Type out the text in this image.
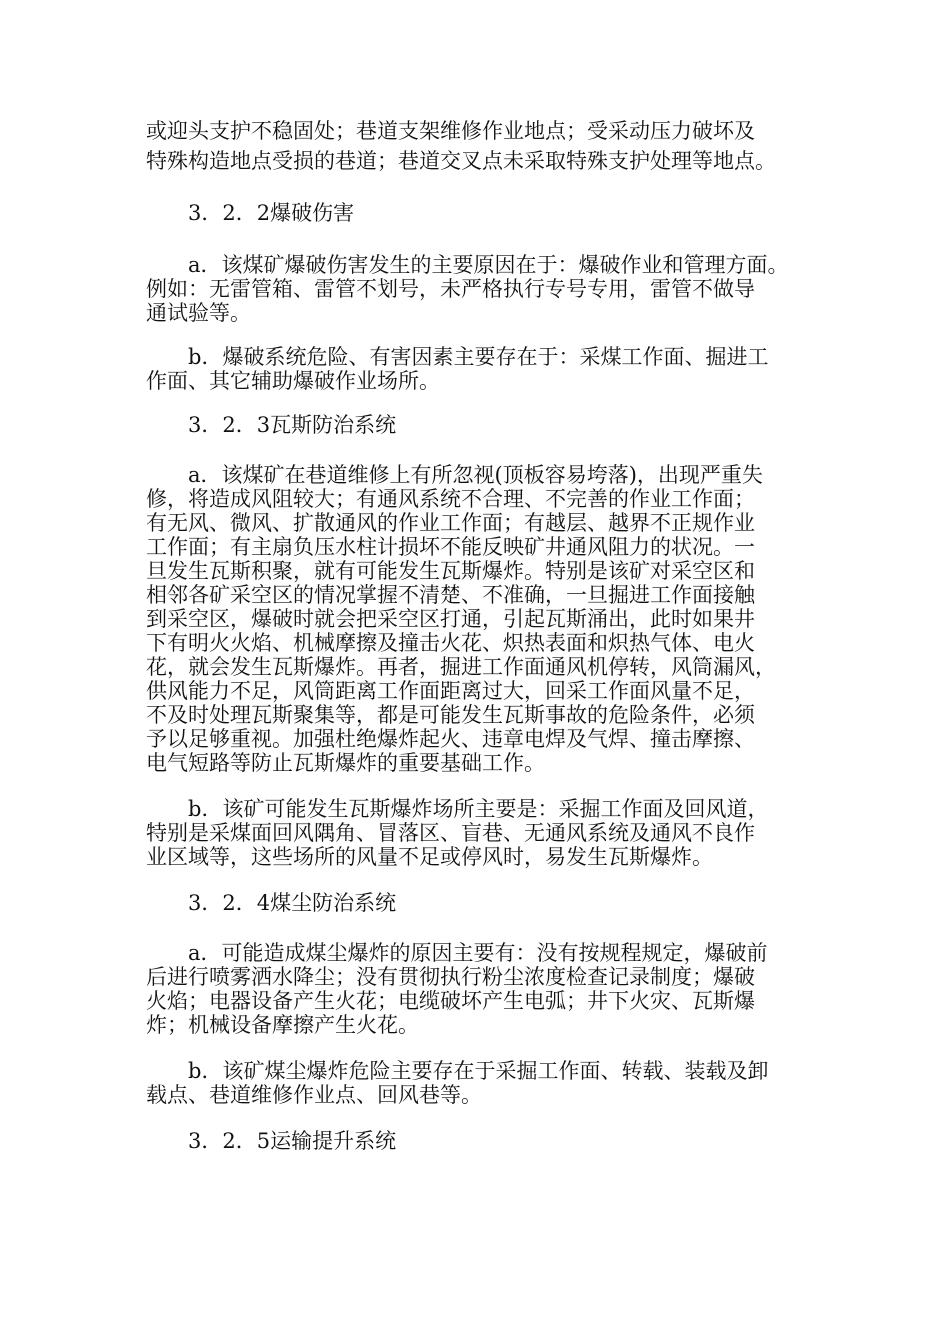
或迎头支护不稳固处；巷道支架维修作业地点；受采动压力破坏及
特殊构造地点受损的巷道；巷道交叉点未采取特殊支护处理等地点。
3．2．2爆破伤害
a．该煤矿爆破伤害发生的主要原因在于：爆破作业和管理方面。
例如：无雷管箱、雷管不划号，未严格执行专号专用，雷管不做导
通试验等。
b．爆破系统危险、有害因素主要存在于：采煤工作面、掘进工
作面、其它辅助爆破作业场所。
3．2．3瓦斯防治系统
a．该煤矿在巷道维修上有所忽视(顶板容易垮落)，出现严重失
修，将造成风阻较大；有通风系统不合理、不完善的作业工作面；
有无风、微风、扩散通风的作业工作面；有越层、越界不正规作业
工作面；有主扇负压水柱计损坏不能反映矿井通风阻力的状况。一
旦发生瓦斯积聚，就有可能发生瓦斯爆炸。特别是该矿对采空区和
相邻各矿采空区的情况掌握不清楚、不准确，一旦掘进工作面接触
到采空区，爆破时就会把采空区打通，引起瓦斯涌出，此时如果井
下有明火火焰、机械摩擦及撞击火花、炽热表面和炽热气体、电火
花，就会发生瓦斯爆炸。再者，掘进工作面通风机停转，风筒漏风，
供风能力不足，风筒距离工作面距离过大，回采工作面风量不足，
不及时处理瓦斯聚集等，都是可能发生瓦斯事故的危险条件，必须
予以足够重视。加强杜绝爆炸起火、违章电焊及气焊、撞击摩擦、
电气短路等防止瓦斯爆炸的重要基础工作。
b．该矿可能发生瓦斯爆炸场所主要是：采掘工作面及回风道，
特别是采煤面回风隅角、冒落区、盲巷、无通风系统及通风不良作
业区域等，这些场所的风量不足或停风时，易发生瓦斯爆炸。
3．2．4煤尘防治系统
a．可能造成煤尘爆炸的原因主要有：没有按规程规定，爆破前
后进行喷雾洒水降尘；没有贯彻执行粉尘浓度检查记录制度；爆破
火焰；电器设备产生火花；电缆破坏产生电弧；井下火灾、瓦斯爆
炸；机械设备摩擦产生火花。
b．该矿煤尘爆炸危险主要存在于采掘工作面、转载、装载及卸
载点、巷道维修作业点、回风巷等。
3．2．5运输提升系统
